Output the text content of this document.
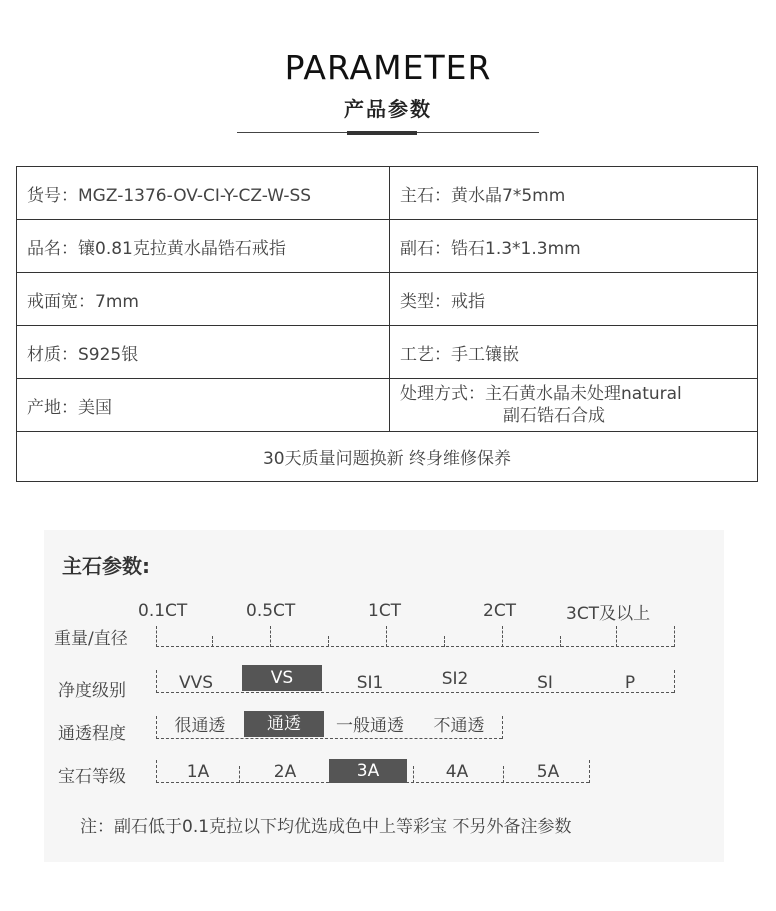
PARAMETER
产品参数
货号：MGZ-1376-OV-CI-Y-CZ-W-SS	主石：黄水晶7*5mm
品名：镶0.81克拉黄水晶锆石戒指	副石：锆石1.3*1.3mm
戒面宽：7mm	类型：戒指
材质：S925银	工艺：手工镶嵌
产地：美国	处理方式：主石黄水晶未处理natural
副石锆石合成

30天质量问题换新 终身维修保养	
主石参数:
重量/直径
0.1CT	0.5CT	1CT	2CT	3CT及以上
净度级别	VVS	VS	SI1	SI2	SI	P
通透程度	很通透	通透	一般通透	不通透
宝石等级	1A	2A	3A	4A	5A
注：副石低于0.1克拉以下均优选成色中上等彩宝 不另外备注参数
